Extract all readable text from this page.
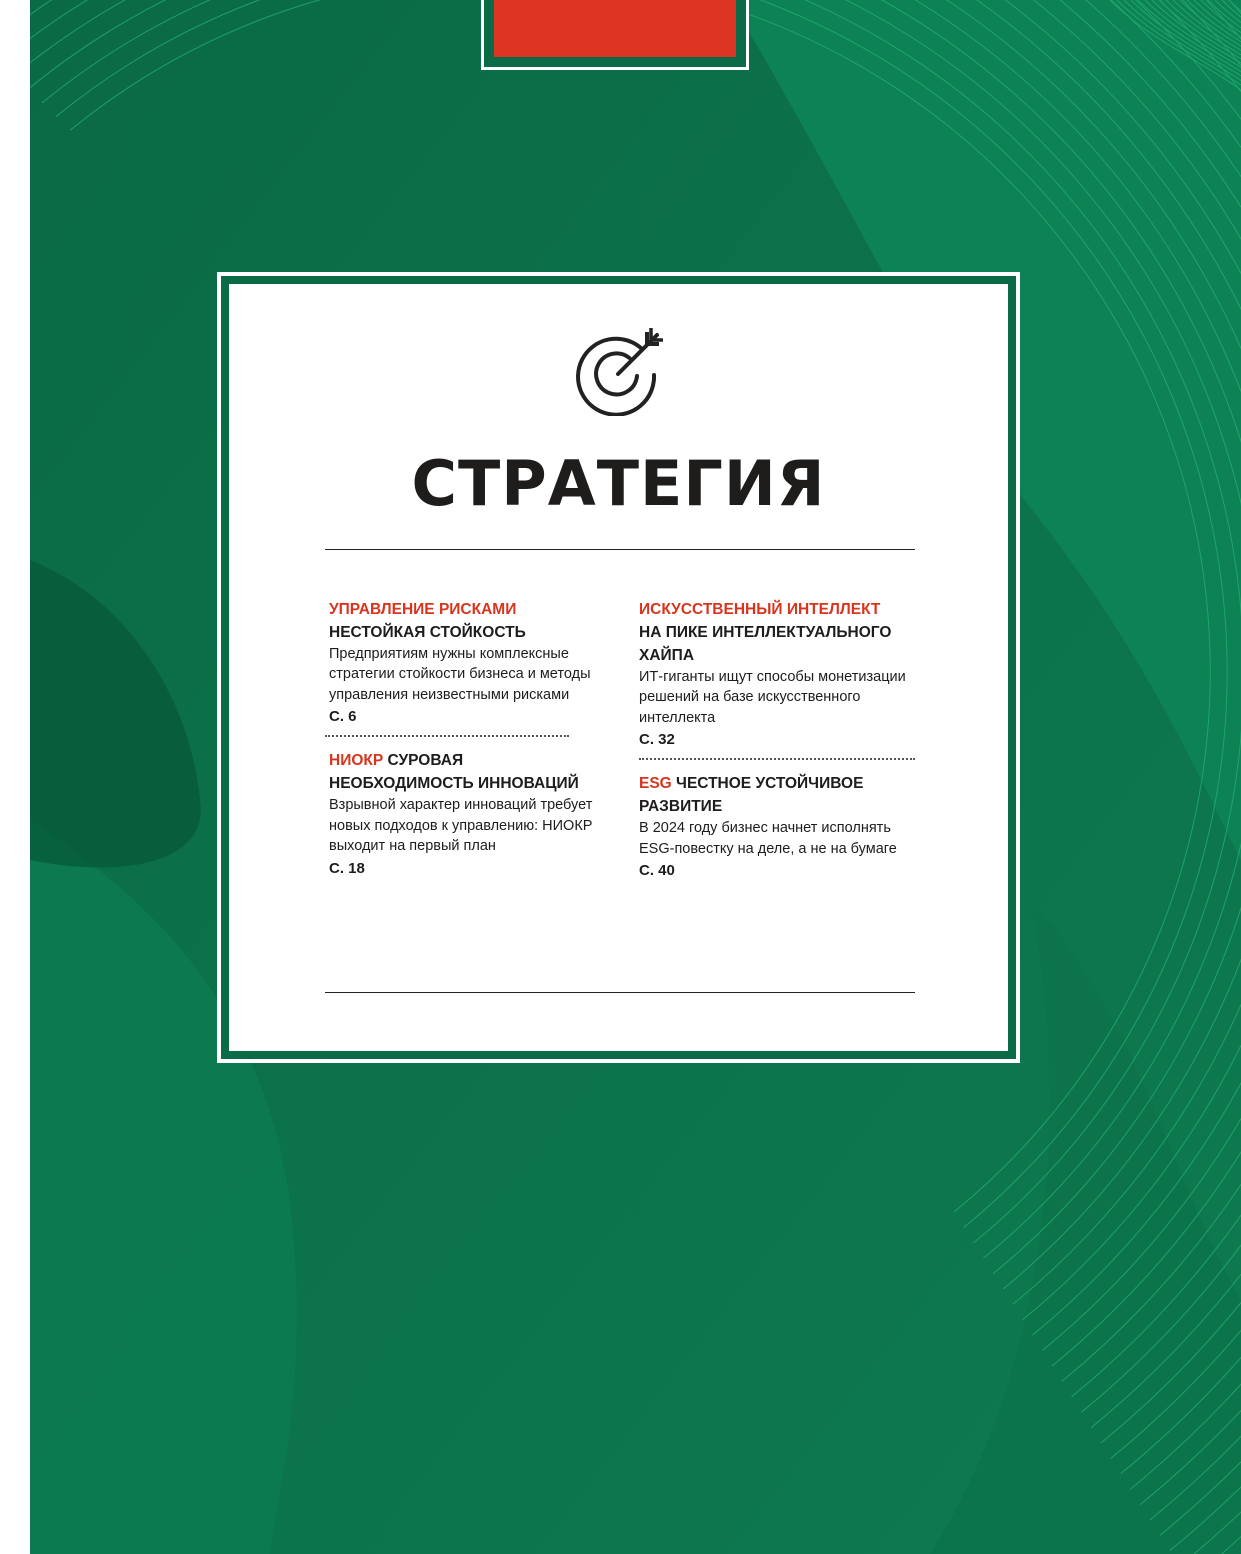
СТРАТЕГИЯ
УПРАВЛЕНИЕ РИСКАМИ
НЕСТОЙКАЯ СТОЙКОСТЬ
Предприятиям нужны комплексные стратегии стойкости бизнеса и методы управления неизвестными рисками
С. 6
НИОКР СУРОВАЯ НЕОБХОДИМОСТЬ ИННОВАЦИЙ
Взрывной характер инноваций требует новых подходов к управлению: НИОКР выходит на первый план
С. 18
ИСКУССТВЕННЫЙ ИНТЕЛЛЕКТ
НА ПИКЕ ИНТЕЛЛЕКТУАЛЬНОГО ХАЙПА
ИТ-гиганты ищут способы монетизации решений на базе искусственного интеллекта
С. 32
ESG ЧЕСТНОЕ УСТОЙЧИВОЕ РАЗВИТИЕ
В 2024 году бизнес начнет исполнять ESG-повестку на деле, а не на бумаге
С. 40
